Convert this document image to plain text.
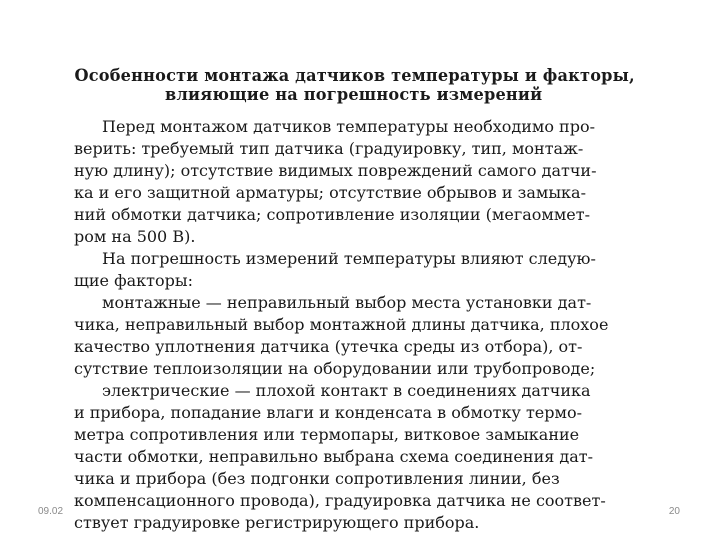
Особенности монтажа датчиков температуры и факторы, влияющие на погрешность измерений
Перед монтажом датчиков температуры необходимо про-
верить: требуемый тип датчика (градуировку, тип, монтаж-
ную длину); отсутствие видимых повреждений самого датчи-
ка и его защитной арматуры; отсутствие обрывов и замыка-
ний обмотки датчика; сопротивление изоляции (мегаоммет-
ром на 500 В).
На погрешность измерений температуры влияют следую-
щие факторы:
монтажные — неправильный выбор места установки дат-
чика, неправильный выбор монтажной длины датчика, плохое
качество уплотнения датчика (утечка среды из отбора), от-
сутствие теплоизоляции на оборудовании или трубопроводе;
электрические — плохой контакт в соединениях датчика
и прибора, попадание влаги и конденсата в обмотку термо-
метра сопротивления или термопары, витковое замыкание
части обмотки, неправильно выбрана схема соединения дат-
чика и прибора (без подгонки сопротивления линии, без
компенсационного провода), градуировка датчика не соответ-
ствует градуировке регистрирующего прибора.
09.02	20
